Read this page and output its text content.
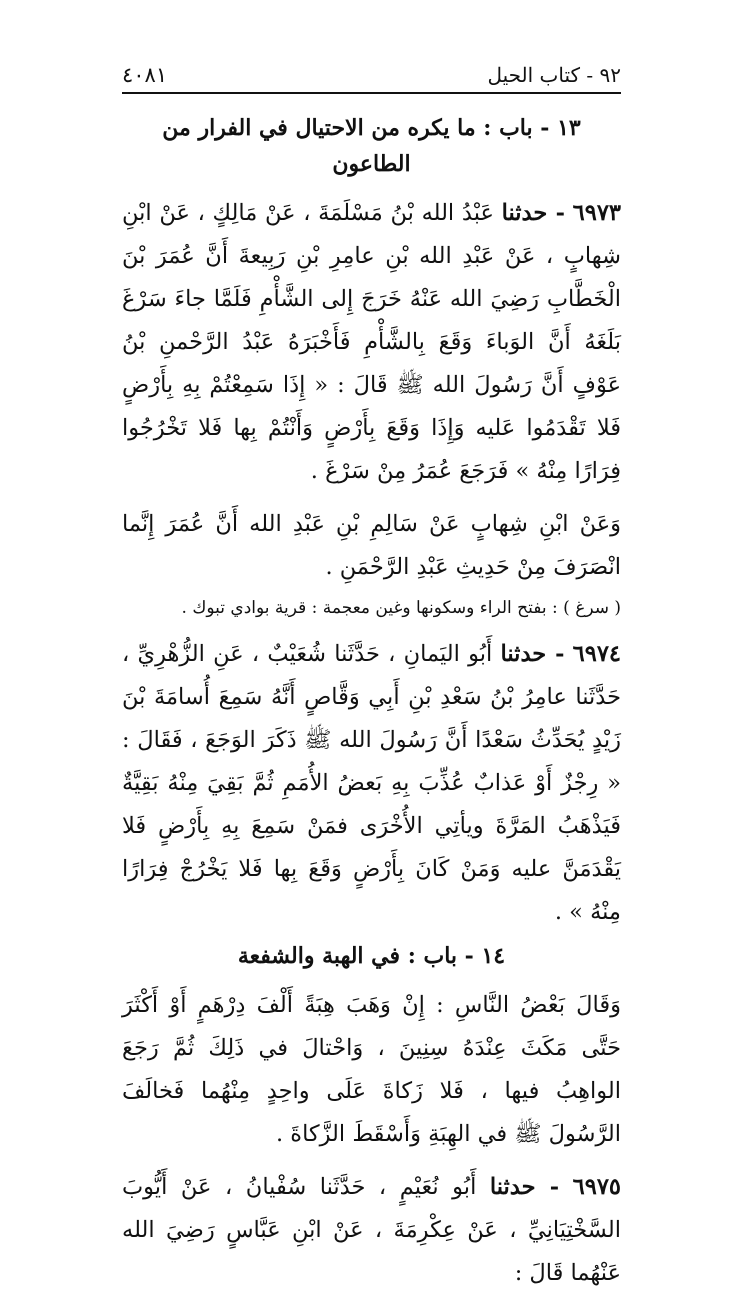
٩٢ - كتاب الحيل
٤٠٨١
١٣ - باب : ما يكره من الاحتيال في الفرار من الطاعون

٦٩٧٣ - حدثنا عَبْدُ الله بْنُ مَسْلَمَةَ ، عَنْ مَالِكٍ ، عَنْ ابْنِ شِهابٍ ، عَنْ عَبْدِ الله بْنِ عامِرِ بْنِ رَبِيعةَ أَنَّ عُمَرَ بْنَ الْخَطَّابِ رَضِيَ الله عَنْهُ خَرَجَ إِلى الشَّأْمِ فَلَمَّا جاءَ سَرْغَ بَلَغَهُ أَنَّ الوَباءَ وَقَعَ بِالشَّأْمِ فَأَخْبَرَهُ عَبْدُ الرَّحْمنِ بْنُ عَوْفٍ أَنَّ رَسُولَ الله ﷺ قَالَ : « إِذَا سَمِعْتُمْ بِهِ بِأَرْضٍ فَلا تَقْدَمُوا عَليه وَإِذَا وَقَعَ بِأَرْضٍ وَأَنْتُمْ بِها فَلا تَخْرُجُوا فِرَارًا مِنْهُ » فَرَجَعَ عُمَرُ مِنْ سَرْغَ .

وَعَنْ ابْنِ شِهابٍ عَنْ سَالِمِ بْنِ عَبْدِ الله أَنَّ عُمَرَ إِنَّما انْصَرَفَ مِنْ حَدِيثِ عَبْدِ الرَّحْمَنِ .

( سرغ ) : بفتح الراء وسكونها وغين معجمة : قرية بوادي تبوك .

٦٩٧٤ - حدثنا أَبُو اليَمانِ ، حَدَّثَنا شُعَيْبٌ ، عَنِ الزُّهْرِيِّ ، حَدَّثَنا عامِرُ بْنُ سَعْدِ بْنِ أَبِي وَقَّاصٍ أَنَّهُ سَمِعَ أُسامَةَ بْنَ زَيْدٍ يُحَدِّثُ سَعْدًا أَنَّ رَسُولَ الله ﷺ ذَكَرَ الوَجَعَ ، فَقَالَ : « رِجْزٌ أَوْ عَذابٌ عُذِّبَ بِهِ بَعضُ الأُمَمِ ثُمَّ بَقِيَ مِنْهُ بَقِيَّةٌ فَيَذْهَبُ المَرَّةَ ويأتِي الأُخْرَى فمَنْ سَمِعَ بِهِ بِأَرْضٍ فَلا يَقْدَمَنَّ عليه وَمَنْ كَانَ بِأَرْضٍ وَقَعَ بِها فَلا يَخْرُجْ فِرَارًا مِنْهُ » .

١٤ - باب : في الهبة والشفعة

وَقَالَ بَعْضُ النَّاسِ : إِنْ وَهَبَ هِبَةً أَلْفَ دِرْهَمٍ أَوْ أَكْثَرَ حَتَّى مَكَثَ عِنْدَهُ سِنِينَ ، وَاحْتالَ في ذَلِكَ ثُمَّ رَجَعَ الواهِبُ فيها ، فَلا زَكاةَ عَلَى واحِدٍ مِنْهُما فَخالَفَ الرَّسُولَ ﷺ في الهِبَةِ وَأَسْقَطَ الزَّكاةَ .

٦٩٧٥ - حدثنا أَبُو نُعَيْمٍ ، حَدَّثَنا سُفْيانُ ، عَنْ أَيُّوبَ السَّخْتِيَانِيِّ ، عَنْ عِكْرِمَةَ ، عَنْ ابْنِ عَبَّاسٍ رَضِيَ الله عَنْهُما قَالَ :
